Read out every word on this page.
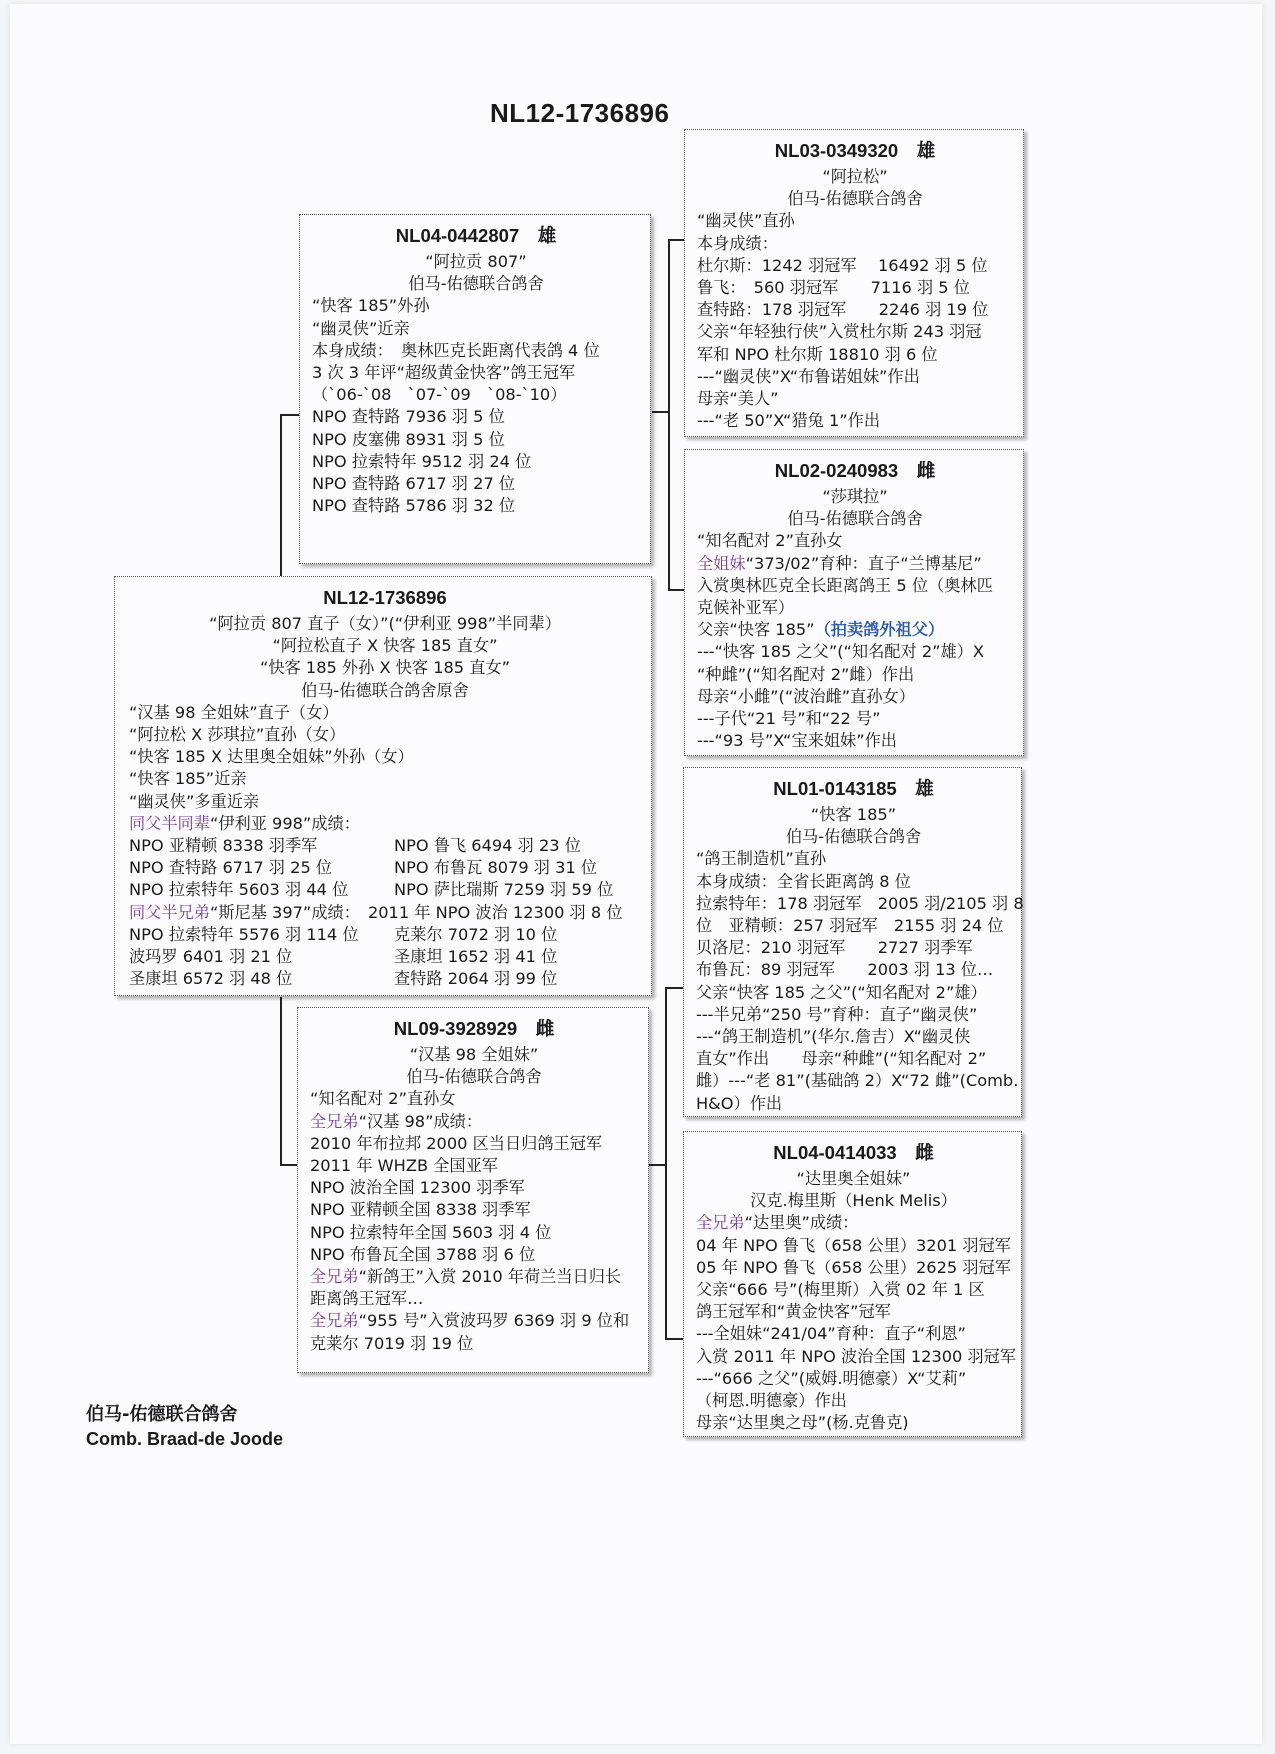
NL12-1736896
NL04-0442807　雄
“阿拉贡 807”
伯马-佑德联合鸽舍
“快客 185”外孙
“幽灵侠”近亲
本身成绩：　奥林匹克长距离代表鸽 4 位
3 次 3 年评“超级黄金快客”鸽王冠军
（`06-`08　`07-`09　`08-`10）
NPO 查特路 7936 羽 5 位
NPO 皮塞佛 8931 羽 5 位
NPO 拉索特年 9512 羽 24 位
NPO 查特路 6717 羽 27 位
NPO 查特路 5786 羽 32 位
NL12-1736896
“阿拉贡 807 直子（女）”(“伊利亚 998”半同辈）
“阿拉松直子 X 快客 185 直女”
“快客 185 外孙 X 快客 185 直女”
伯马-佑德联合鸽舍原舍
“汉基 98 全姐妹”直子（女）
“阿拉松 X 莎琪拉”直孙（女）
“快客 185 X 达里奥全姐妹”外孙（女）
“快客 185”近亲
“幽灵侠”多重近亲
同父半同辈“伊利亚 998”成绩：
NPO 亚精顿 8338 羽季军	NPO 鲁飞 6494 羽 23 位
NPO 查特路 6717 羽 25 位	NPO 布鲁瓦 8079 羽 31 位
NPO 拉索特年 5603 羽 44 位	NPO 萨比瑞斯 7259 羽 59 位
同父半兄弟“斯尼基 397”成绩：　2011 年 NPO 波治 12300 羽 8 位
NPO 拉索特年 5576 羽 114 位	克莱尔 7072 羽 10 位
波玛罗 6401 羽 21 位	圣康坦 1652 羽 41 位
圣康坦 6572 羽 48 位	查特路 2064 羽 99 位
NL09-3928929　雌
“汉基 98 全姐妹”
伯马-佑德联合鸽舍
“知名配对 2”直孙女
全兄弟“汉基 98”成绩：
2010 年布拉邦 2000 区当日归鸽王冠军
2011 年 WHZB 全国亚军
NPO 波治全国 12300 羽季军
NPO 亚精顿全国 8338 羽季军
NPO 拉索特年全国 5603 羽 4 位
NPO 布鲁瓦全国 3788 羽 6 位
全兄弟“新鸽王”入赏 2010 年荷兰当日归长
距离鸽王冠军…
全兄弟“955 号”入赏波玛罗 6369 羽 9 位和
克莱尔 7019 羽 19 位
NL03-0349320　雄
“阿拉松”
伯马-佑德联合鸽舍
“幽灵侠”直孙
本身成绩：
杜尔斯：1242 羽冠军　 16492 羽 5 位
鲁飞：　560 羽冠军　　7116 羽 5 位
查特路：178 羽冠军　　2246 羽 19 位
父亲“年轻独行侠”入赏杜尔斯 243 羽冠
军和 NPO 杜尔斯 18810 羽 6 位
---“幽灵侠”X“布鲁诺姐妹”作出
母亲“美人”
---“老 50”X“猎兔 1”作出
NL02-0240983　雌
“莎琪拉”
伯马-佑德联合鸽舍
“知名配对 2”直孙女
全姐妹“373/02”育种：直子“兰博基尼”
入赏奥林匹克全长距离鸽王 5 位（奥林匹
克候补亚军）
父亲“快客 185”（拍卖鸽外祖父）
---“快客 185 之父”(“知名配对 2”雄）X
“种雌”(“知名配对 2”雌）作出
母亲“小雌”(“波治雌”直孙女）
---子代“21 号”和“22 号”
---“93 号”X“宝来姐妹”作出
NL01-0143185　雄
“快客 185”
伯马-佑德联合鸽舍
“鸽王制造机”直孙
本身成绩：全省长距离鸽 8 位
拉索特年：178 羽冠军　2005 羽/2105 羽 8
位　亚精顿：257 羽冠军　2155 羽 24 位
贝洛尼：210 羽冠军　　2727 羽季军
布鲁瓦：89 羽冠军　　2003 羽 13 位…
父亲“快客 185 之父”(“知名配对 2”雄）
---半兄弟“250 号”育种：直子“幽灵侠”
---“鸽王制造机”(华尔.詹吉）X“幽灵侠
直女”作出　　母亲“种雌”(“知名配对 2”
雌）---“老 81”(基础鸽 2）X“72 雌”(Comb.
H&O）作出
NL04-0414033　雌
“达里奥全姐妹”
汉克.梅里斯（Henk Melis）
全兄弟“达里奥”成绩：
04 年 NPO 鲁飞（658 公里）3201 羽冠军
05 年 NPO 鲁飞（658 公里）2625 羽冠军
父亲“666 号”(梅里斯）入赏 02 年 1 区
鸽王冠军和“黄金快客”冠军
---全姐妹“241/04”育种：直子“利恩”
入赏 2011 年 NPO 波治全国 12300 羽冠军
---“666 之父”(威姆.明德豪）X“艾莉”
（柯恩.明德豪）作出
母亲“达里奥之母”(杨.克鲁克)
伯马-佑德联合鸽舍
Comb. Braad-de Joode
